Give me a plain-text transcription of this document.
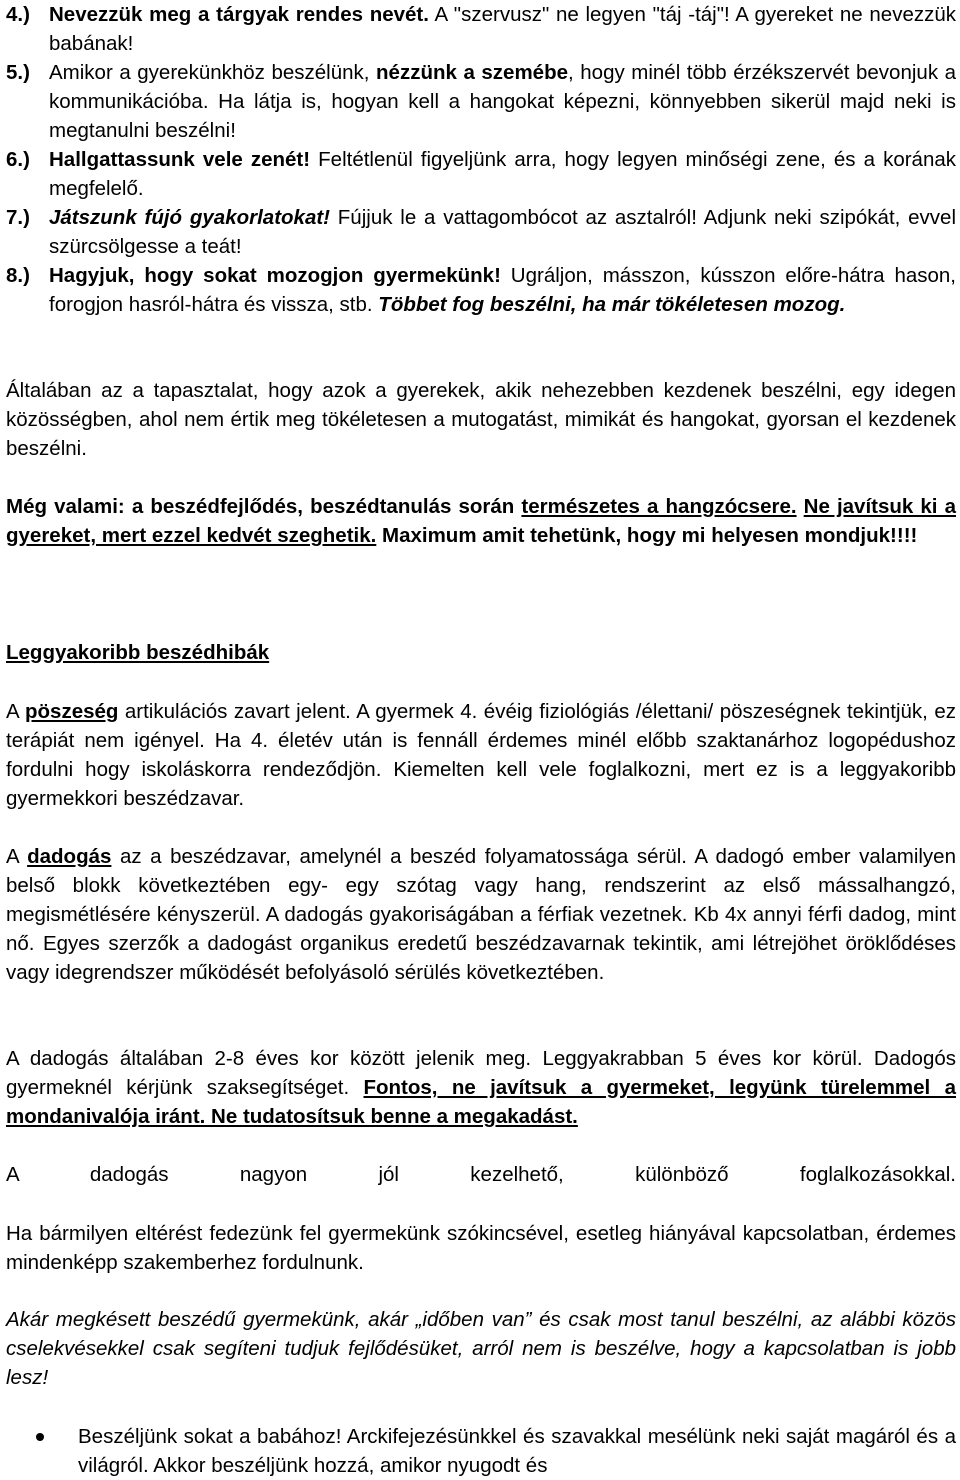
4.) Nevezzük meg a tárgyak rendes nevét. A "szervusz" ne legyen "táj -táj"! A gyereket ne nevezzük babának!
5.) Amikor a gyerekünkhöz beszélünk, nézzünk a szemébe, hogy minél több érzékszervét bevonjuk a kommunikációba. Ha látja is, hogyan kell a hangokat képezni, könnyebben sikerül majd neki is megtanulni beszélni!
6.) Hallgattassunk vele zenét! Feltétlenül figyeljünk arra, hogy legyen minőségi zene, és a korának megfelelő.
7.) Játszunk fújó gyakorlatokat! Fújjuk le a vattagombócot az asztalról! Adjunk neki szipókát, evvel szürcsölgesse a teát!
8.) Hagyjuk, hogy sokat mozogjon gyermekünk! Ugráljon, másszon, kússzon előre-hátra hason, forogjon hasról-hátra és vissza, stb. Többet fog beszélni, ha már tökéletesen mozog.
Általában az a tapasztalat, hogy azok a gyerekek, akik nehezebben kezdenek beszélni, egy idegen közösségben, ahol nem értik meg tökéletesen a mutogatást, mimikát és hangokat, gyorsan el kezdenek beszélni.
Még valami: a beszédfejlődés, beszédtanulás során természetes a hangzócsere. Ne javítsuk ki a gyereket, mert ezzel kedvét szeghetik. Maximum amit tehetünk, hogy mi helyesen mondjuk!!!!
Leggyakoribb beszédhibák
A pöszeség artikulációs zavart jelent. A gyermek 4. évéig fiziológiás /élettani/ pöszeségnek tekintjük, ez terápiát nem igényel. Ha 4. életév után is fennáll érdemes minél előbb szaktanárhoz logopédushoz fordulni hogy iskoláskorra rendeződjön. Kiemelten kell vele foglalkozni, mert ez is a leggyakoribb gyermekkori beszédzavar.
A dadogás az a beszédzavar, amelynél a beszéd folyamatossága sérül. A dadogó ember valamilyen belső blokk következtében egy- egy szótag vagy hang, rendszerint az első mássalhangzó, megismétlésére kényszerül. A dadogás gyakoriságában a férfiak vezetnek. Kb 4x annyi férfi dadog, mint nő. Egyes szerzők a dadogást organikus eredetű beszédzavarnak tekintik, ami létrejöhet öröklődéses vagy idegrendszer működését befolyásoló sérülés következtében.
A dadogás általában 2-8 éves kor között jelenik meg. Leggyakrabban 5 éves kor körül. Dadogós gyermeknél kérjünk szaksegítséget. Fontos, ne javítsuk a gyermeket, legyünk türelemmel a mondanivalója iránt. Ne tudatosítsuk benne a megakadást.
A dadogás nagyon jól kezelhető, különböző foglalkozásokkal.
Ha bármilyen eltérést fedezünk fel gyermekünk szókincsével, esetleg hiányával kapcsolatban, érdemes mindenképp szakemberhez fordulnunk.
Akár megkésett beszédű gyermekünk, akár „időben van” és csak most tanul beszélni, az alábbi közös cselekvésekkel csak segíteni tudjuk fejlődésüket, arról nem is beszélve, hogy a kapcsolatban is jobb lesz!
Beszéljünk sokat a babához! Arckifejezésünkkel és szavakkal mesélünk neki saját magáról és a világról. Akkor beszéljünk hozzá, amikor nyugodt és
